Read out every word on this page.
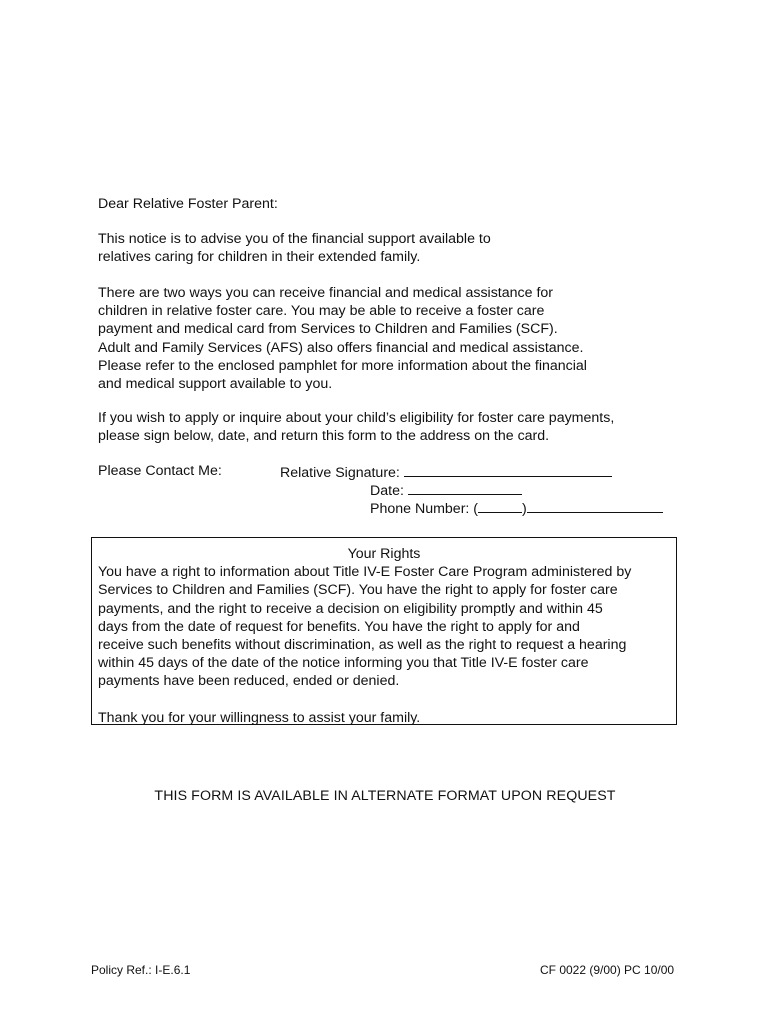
Dear Relative Foster Parent:

This notice is to advise you of the financial support available to
relatives caring for children in their extended family.
There are two ways you can receive financial and medical assistance for
children in relative foster care. You may be able to receive a foster care
payment and medical card from Services to Children and Families (SCF).
Adult and Family Services (AFS) also offers financial and medical assistance.
Please refer to the enclosed pamphlet for more information about the financial
and medical support available to you.
If you wish to apply or inquire about your child’s eligibility for foster care payments,
please sign below, date, and return this form to the address on the card.
Please Contact Me:	Relative Signature:
Date:
Phone Number: (	)
Your Rights
You have a right to information about Title IV-E Foster Care Program administered by
Services to Children and Families (SCF). You have the right to apply for foster care
payments, and the right to receive a decision on eligibility promptly and within 45
days from the date of request for benefits. You have the right to apply for and
receive such benefits without discrimination, as well as the right to request a hearing
within 45 days of the date of the notice informing you that Title IV-E foster care
payments have been reduced, ended or denied.
Thank you for your willingness to assist your family.
THIS FORM IS AVAILABLE IN ALTERNATE FORMAT UPON REQUEST
Policy Ref.: I-E.6.1	CF 0022 (9/00) PC 10/00
